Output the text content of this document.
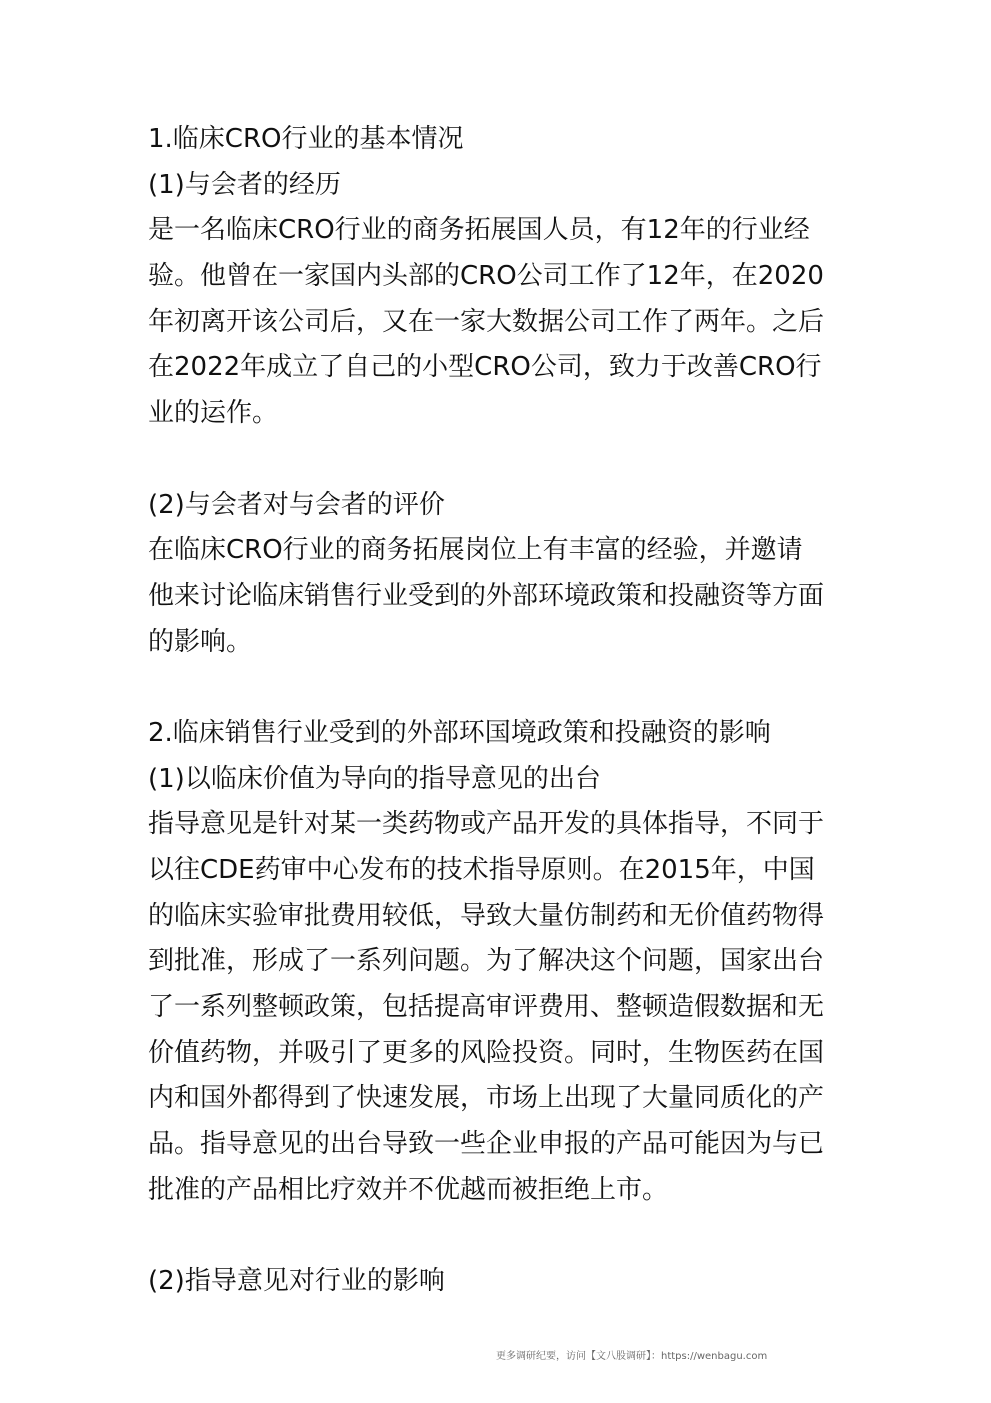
1.临床CRO行业的基本情况
(1)与会者的经历
是一名临床CRO行业的商务拓展国人员，有12年的行业经
验。他曾在一家国内头部的CRO公司工作了12年，在2020
年初离开该公司后，又在一家大数据公司工作了两年。之后
在2022年成立了自己的小型CRO公司，致力于改善CRO行
业的运作。
(2)与会者对与会者的评价
在临床CRO行业的商务拓展岗位上有丰富的经验，并邀请
他来讨论临床销售行业受到的外部环境政策和投融资等方面
的影响。
2.临床销售行业受到的外部环国境政策和投融资的影响
(1)以临床价值为导向的指导意见的出台
指导意见是针对某一类药物或产品开发的具体指导，不同于
以往CDE药审中心发布的技术指导原则。在2015年，中国
的临床实验审批费用较低，导致大量仿制药和无价值药物得
到批准，形成了一系列问题。为了解决这个问题，国家出台
了一系列整顿政策，包括提高审评费用、整顿造假数据和无
价值药物，并吸引了更多的风险投资。同时，生物医药在国
内和国外都得到了快速发展，市场上出现了大量同质化的产
品。指导意见的出台导致一些企业申报的产品可能因为与已
批准的产品相比疗效并不优越而被拒绝上市。
(2)指导意见对行业的影响
更多调研纪要，访问【文八股调研】：https://wenbagu.com
